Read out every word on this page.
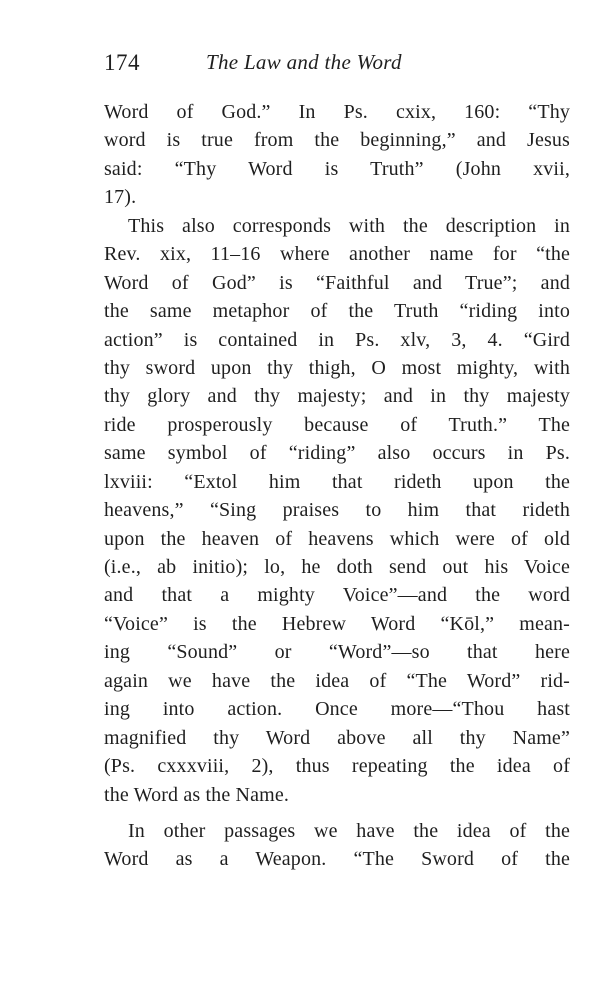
174	The Law and the Word
Word of God.” In Ps. cxix, 160: “Thy
word is true from the beginning,” and Jesus
said: “Thy Word is Truth” (John xvii,
17).
This also corresponds with the description in
Rev. xix, 11–16 where another name for “the
Word of God” is “Faithful and True”; and
the same metaphor of the Truth “riding into
action” is contained in Ps. xlv, 3, 4. “Gird
thy sword upon thy thigh, O most mighty, with
thy glory and thy majesty; and in thy majesty
ride prosperously because of Truth.” The
same symbol of “riding” also occurs in Ps.
lxviii: “Extol him that rideth upon the
heavens,” “Sing praises to him that rideth
upon the heaven of heavens which were of old
(i.e., ab initio); lo, he doth send out his Voice
and that a mighty Voice”—and the word
“Voice” is the Hebrew Word “Kōl,” mean-
ing “Sound” or “Word”—so that here
again we have the idea of “The Word” rid-
ing into action. Once more—“Thou hast
magnified thy Word above all thy Name”
(Ps. cxxxviii, 2), thus repeating the idea of
the Word as the Name.
In other passages we have the idea of the
Word as a Weapon. “The Sword of the
